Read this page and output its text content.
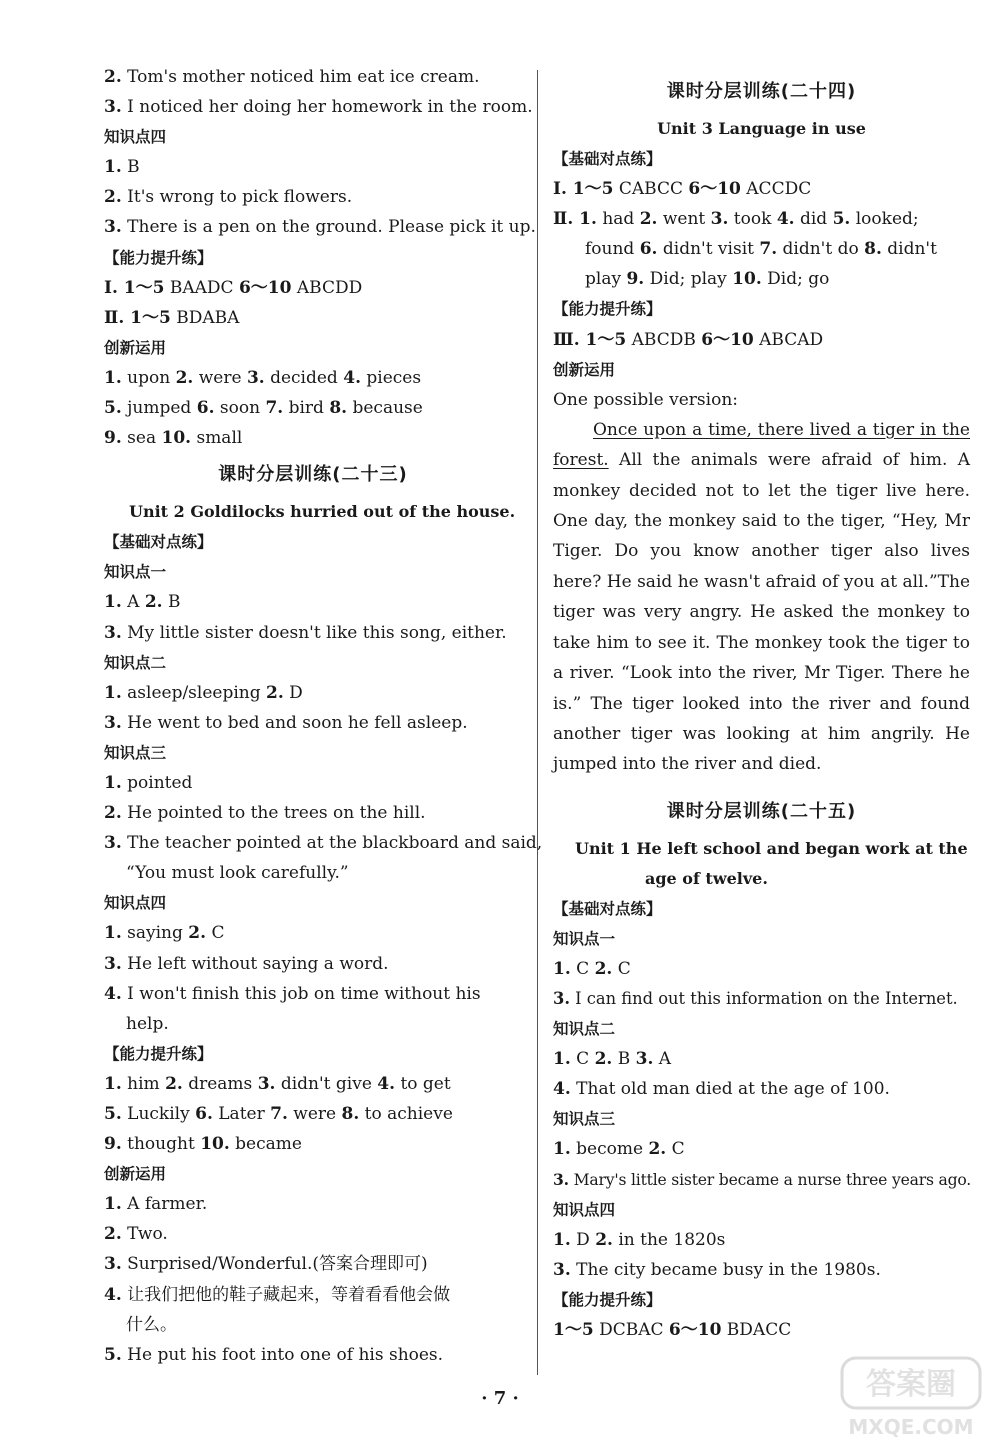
2. Tom's mother noticed him eat ice cream.
3. I noticed her doing her homework in the room.
知识点四
1. B
2. It's wrong to pick flowers.
3. There is a pen on the ground. Please pick it up.
【能力提升练】
Ⅰ. 1～5 BAADC 6～10 ABCDD
Ⅱ. 1～5 BDABA
创新运用
1. upon 2. were 3. decided 4. pieces
5. jumped 6. soon 7. bird 8. because
9. sea 10. small
课时分层训练(二十三)
Unit 2 Goldilocks hurried out of the house.
【基础对点练】
知识点一
1. A 2. B
3. My little sister doesn't like this song, either.
知识点二
1. asleep/sleeping 2. D
3. He went to bed and soon he fell asleep.
知识点三
1. pointed
2. He pointed to the trees on the hill.
3. The teacher pointed at the blackboard and said,
“You must look carefully.”
知识点四
1. saying 2. C
3. He left without saying a word.
4. I won't finish this job on time without his
help.
【能力提升练】
1. him 2. dreams 3. didn't give 4. to get
5. Luckily 6. Later 7. were 8. to achieve
9. thought 10. became
创新运用
1. A farmer.
2. Two.
3. Surprised/Wonderful.(答案合理即可)
4. 让我们把他的鞋子藏起来，等着看看他会做
什么。
5. He put his foot into one of his shoes.
课时分层训练(二十四)
Unit 3 Language in use
【基础对点练】
Ⅰ. 1～5 CABCC 6～10 ACCDC
Ⅱ. 1. had 2. went 3. took 4. did 5. looked;
found 6. didn't visit 7. didn't do 8. didn't
play 9. Did; play 10. Did; go
【能力提升练】
Ⅲ. 1～5 ABCDB 6～10 ABCAD
创新运用
One possible version:
Once upon a time, there lived a tiger in the forest. All the animals were afraid of him. A monkey decided not to let the tiger live here. One day, the monkey said to the tiger, “Hey, Mr Tiger. Do you know another tiger also lives here? He said he wasn't afraid of you at all.”The tiger was very angry. He asked the monkey to take him to see it. The monkey took the tiger to a river. “Look into the river, Mr Tiger. There he is.” The tiger looked into the river and found another tiger was looking at him angrily. He jumped into the river and died.
课时分层训练(二十五)
Unit 1 He left school and began work at the
age of twelve.
【基础对点练】
知识点一
1. C 2. C
3. I can find out this information on the Internet.
知识点二
1. C 2. B 3. A
4. That old man died at the age of 100.
知识点三
1. become 2. C
3. Mary's little sister became a nurse three years ago.
知识点四
1. D 2. in the 1820s
3. The city became busy in the 1980s.
【能力提升练】
1～5 DCBAC 6～10 BDACC
· 7 ·	答案圈
MXQE.COM
